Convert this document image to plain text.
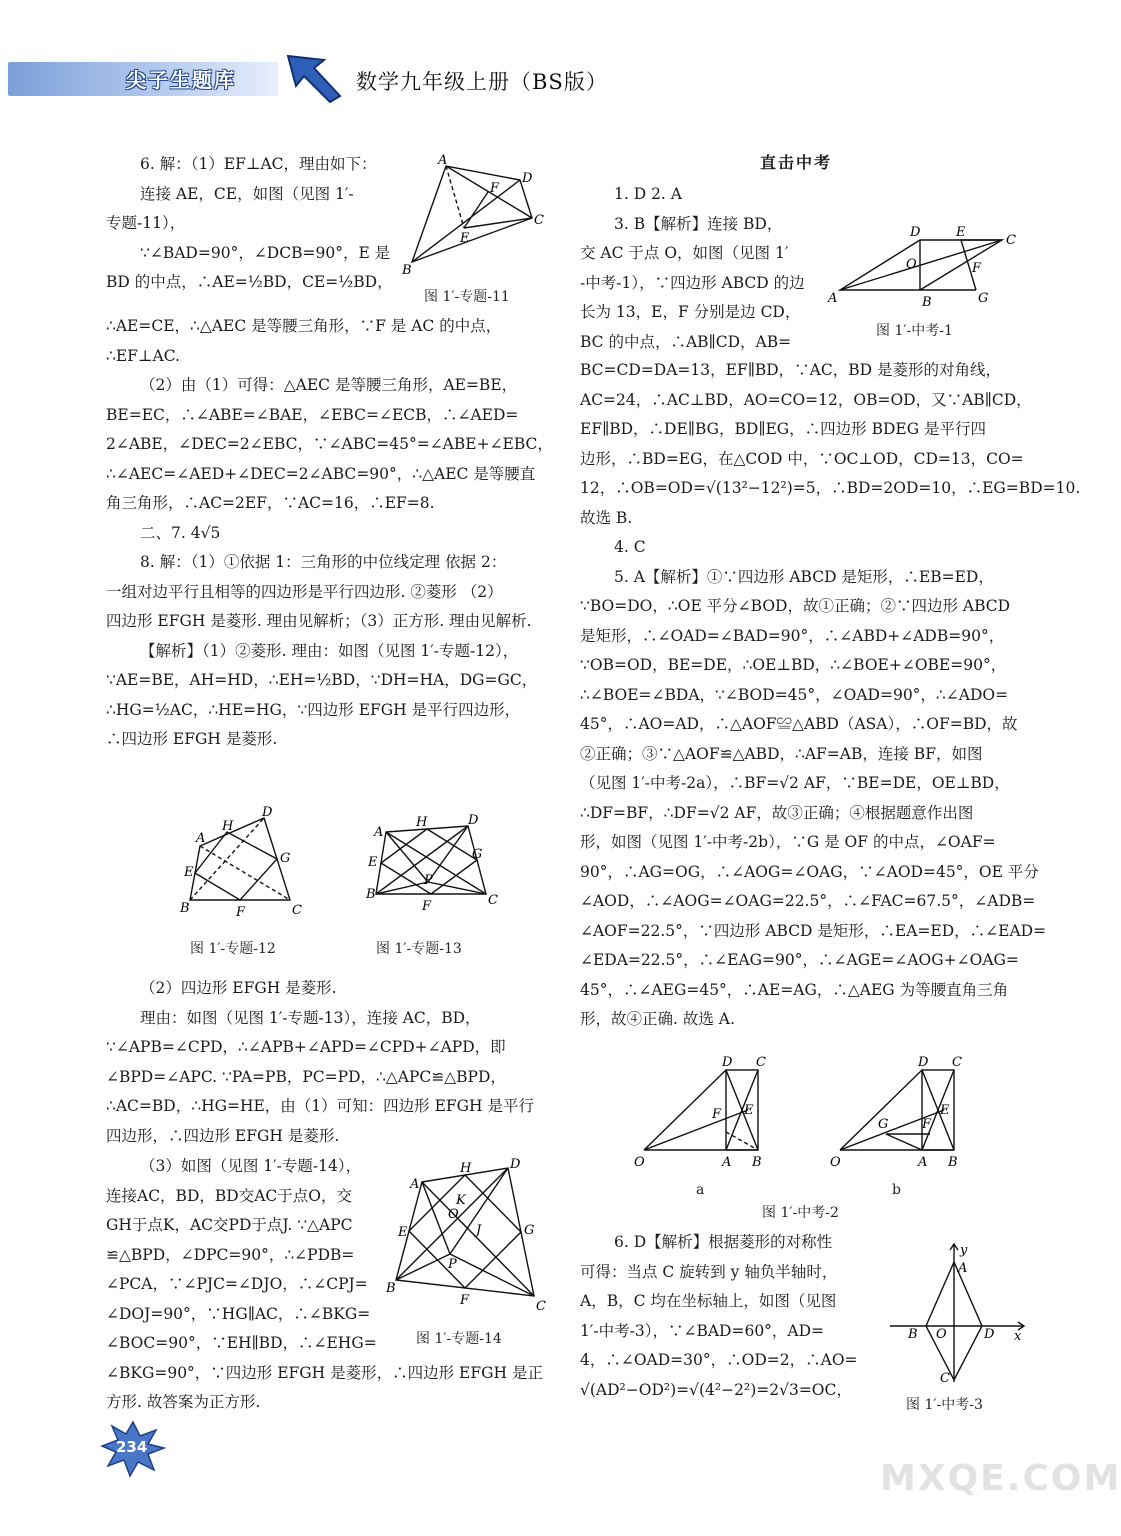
尖子生题库	数学九年级上册（BS版）

6. 解：（1）EF⊥AC，理由如下：

连接 AE，CE，如图（见图 1′-

专题-11），

∵∠BAD=90°，∠DCB=90°，E 是

BD 的中点，∴AE=½BD，CE=½BD，

A
B
C
D
E
F
图 1′-专题-11

∴AE=CE，∴△AEC 是等腰三角形，∵F 是 AC 的中点，

∴EF⊥AC.

（2）由（1）可得：△AEC 是等腰三角形，AE=BE，

BE=EC，∴∠ABE=∠BAE，∠EBC=∠ECB，∴∠AED=

2∠ABE，∠DEC=2∠EBC，∵∠ABC=45°=∠ABE+∠EBC，

∴∠AEC=∠AED+∠DEC=2∠ABC=90°，∴△AEC 是等腰直

角三角形，∴AC=2EF，∵AC=16，∴EF=8.

二、7. 4√5

8. 解：（1）①依据 1：三角形的中位线定理 依据 2：

一组对边平行且相等的四边形是平行四边形. ②菱形 （2）

四边形 EFGH 是菱形. 理由见解析；（3）正方形. 理由见解析.

【解析】（1）②菱形. 理由：如图（见图 1′-专题-12），

∵AE=BE，AH=HD，∴EH=½BD，∵DH=HA，DG=GC，

∴HG=½AC，∴HE=HG，∵四边形 EFGH 是平行四边形，

∴四边形 EFGH 是菱形.

A
B	C
D
E
F
G
H
图 1′-专题-12
A
B	C
D
E
F
G
H
P
图 1′-专题-13

（2）四边形 EFGH 是菱形.

理由：如图（见图 1′-专题-13），连接 AC，BD，

∵∠APB=∠CPD，∴∠APB+∠APD=∠CPD+∠APD，即

∠BPD=∠APC. ∵PA=PB，PC=PD，∴△APC≌△BPD，

∴AC=BD，∴HG=HE，由（1）可知：四边形 EFGH 是平行

四边形，∴四边形 EFGH 是菱形.

（3）如图（见图 1′-专题-14），

连接AC，BD，BD交AC于点O，交

GH于点K，AC交PD于点J. ∵△APC

≌△BPD，∠DPC=90°，∴∠PDB=

∠PCA，∵∠PJC=∠DJO，∴∠CPJ=

∠DOJ=90°，∵HG∥AC，∴∠BKG=

∠BOC=90°，∵EH∥BD，∴∠EHG=

∠BKG=90°，∵四边形 EFGH 是菱形，∴四边形 EFGH 是正

方形. 故答案为正方形.

A
B
C
D
E
F
G
H
K
O
J
P
图 1′-专题-14
直击中考

1. D 2. A

3. B【解析】连接 BD，

交 AC 于点 O，如图（见图 1′

-中考-1），∵四边形 ABCD 的边

长为 13，E，F 分别是边 CD，

BC 的中点，∴AB∥CD，AB=

A	B
C
D	E
F
G
O
图 1′-中考-1

BC=CD=DA=13，EF∥BD，∵AC，BD 是菱形的对角线，

AC=24，∴AC⊥BD，AO=CO=12，OB=OD，又∵AB∥CD，

EF∥BD，∴DE∥BG，BD∥EG，∴四边形 BDEG 是平行四

边形，∴BD=EG，在△COD 中，∵OC⊥OD，CD=13，CO=

12，∴OB=OD=√(13²−12²)=5，∴BD=2OD=10，∴EG=BD=10.

故选 B.

4. C

5. A【解析】①∵四边形 ABCD 是矩形，∴EB=ED，

∵BO=DO，∴OE 平分∠BOD，故①正确；②∵四边形 ABCD

是矩形，∴∠OAD=∠BAD=90°，∴∠ABD+∠ADB=90°，

∵OB=OD，BE=DE，∴OE⊥BD，∴∠BOE+∠OBE=90°，

∴∠BOE=∠BDA，∵∠BOD=45°，∠OAD=90°，∴∠ADO=

45°，∴AO=AD，∴△AOF≌△ABD（ASA），∴OF=BD，故

②正确；③∵△AOF≌△ABD，∴AF=AB，连接 BF，如图

（见图 1′-中考-2a），∴BF=√2 AF，∵BE=DE，OE⊥BD，

∴DF=BF，∴DF=√2 AF，故③正确；④根据题意作出图

形，如图（见图 1′-中考-2b），∵G 是 OF 的中点，∠OAF=

90°，∴AG=OG，∴∠AOG=∠OAG，∵∠AOD=45°，OE 平分

∠AOD，∴∠AOG=∠OAG=22.5°，∴∠FAC=67.5°，∠ADB=

∠AOF=22.5°，∵四边形 ABCD 是矩形，∴EA=ED，∴∠EAD=

∠EDA=22.5°，∴∠EAG=90°，∴∠AGE=∠AOG+∠OAG=

45°，∴∠AEG=45°，∴AE=AG，∴△AEG 为等腰直角三角

形，故④正确. 故选 A.

D C
O	A B
F E
a
D C
O	A B
F
E
G
b
图 1′-中考-2

6. D【解析】根据菱形的对称性

可得：当点 C 旋转到 y 轴负半轴时，

A，B，C 均在坐标轴上，如图（见图

1′-中考-3），∵∠BAD=60°，AD=

4，∴∠OAD=30°，∴OD=2，∴AO=

√(AD²−OD²)=√(4²−2²)=2√3=OC，

y
A
B O	D
C
x
图 1′-中考-3
234
MXQE.COM
